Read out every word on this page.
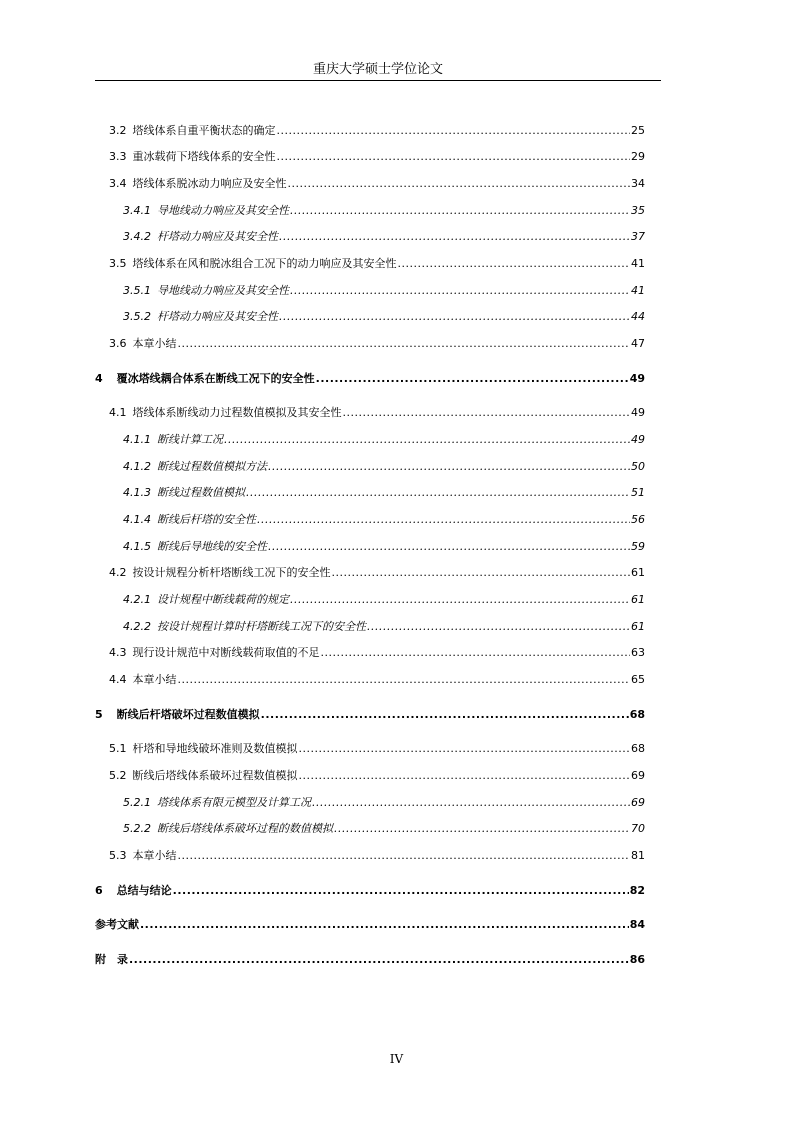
重庆大学硕士学位论文
3.2 塔线体系自重平衡状态的确定 .....	25
3.3 重冰载荷下塔线体系的安全性 .....	29
3.4 塔线体系脱冰动力响应及安全性 .....	34
3.4.1 导地线动力响应及其安全性 .....	35
3.4.2 杆塔动力响应及其安全性 .....	37
3.5 塔线体系在风和脱冰组合工况下的动力响应及其安全性 .....	41
3.5.1 导地线动力响应及其安全性 .....	41
3.5.2 杆塔动力响应及其安全性 .....	44
3.6 本章小结 .....	47
4 覆冰塔线耦合体系在断线工况下的安全性 .....	49
4.1 塔线体系断线动力过程数值模拟及其安全性 .....	49
4.1.1 断线计算工况 .....	49
4.1.2 断线过程数值模拟方法 .....	50
4.1.3 断线过程数值模拟 .....	51
4.1.4 断线后杆塔的安全性 .....	56
4.1.5 断线后导地线的安全性 .....	59
4.2 按设计规程分析杆塔断线工况下的安全性 .....	61
4.2.1 设计规程中断线载荷的规定 .....	61
4.2.2 按设计规程计算时杆塔断线工况下的安全性 .....	61
4.3 现行设计规范中对断线载荷取值的不足 .....	63
4.4 本章小结 .....	65
5 断线后杆塔破坏过程数值模拟 .....	68
5.1 杆塔和导地线破坏准则及数值模拟 .....	68
5.2 断线后塔线体系破坏过程数值模拟 .....	69
5.2.1 塔线体系有限元模型及计算工况 .....	69
5.2.2 断线后塔线体系破坏过程的数值模拟 .....	70
5.3 本章小结 .....	81
6 总结与结论 .....	82
参考文献 .....	84
附　录 .....	86
IV
